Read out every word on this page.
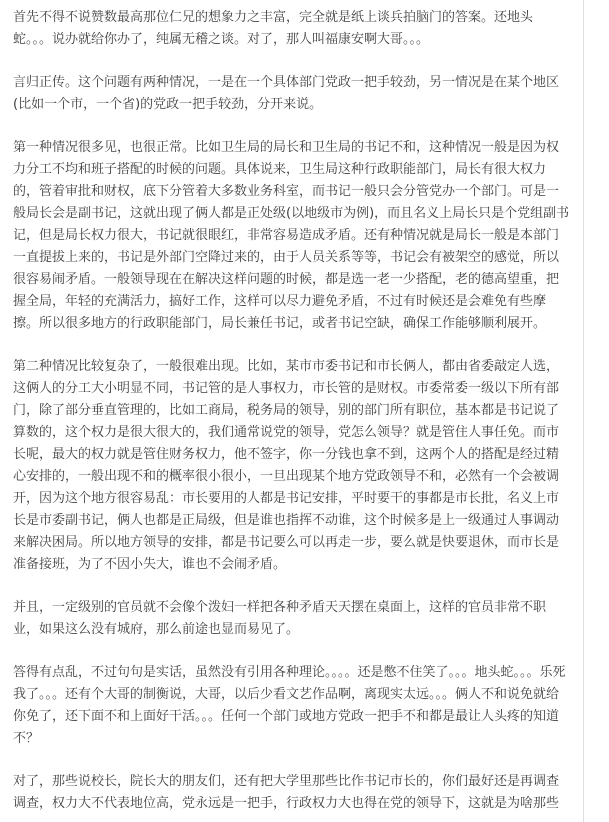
首先不得不说赞数最高那位仁兄的想象力之丰富，完全就是纸上谈兵拍脑门的答案。还地头蛇。。。说办就给你办了，纯属无稽之谈。对了，那人叫福康安啊大哥。。。

言归正传。这个问题有两种情况，一是在一个具体部门党政一把手较劲，另一情况是在某个地区(比如一个市，一个省)的党政一把手较劲，分开来说。

第一种情况很多见，也很正常。比如卫生局的局长和卫生局的书记不和，这种情况一般是因为权力分工不均和班子搭配的时候的问题。具体说来，卫生局这种行政职能部门，局长有很大权力的，管着审批和财权，底下分管着大多数业务科室，而书记一般只会分管党办一个部门。可是一般局长会是副书记，这就出现了俩人都是正处级(以地级市为例)，而且名义上局长只是个党组副书记，但是局长权力很大，书记就很眼红，非常容易造成矛盾。还有种情况就是局长一般是本部门一直提拔上来的，书记是外部门空降过来的，由于人员关系等等，书记会有被架空的感觉，所以很容易闹矛盾。一般领导现在在解决这样问题的时候，都是选一老一少搭配，老的德高望重，把握全局，年轻的充满活力，搞好工作，这样可以尽力避免矛盾，不过有时候还是会难免有些摩擦。所以很多地方的行政职能部门，局长兼任书记，或者书记空缺，确保工作能够顺利展开。

第二种情况比较复杂了，一般很难出现。比如，某市市委书记和市长俩人，都由省委敲定人选，这俩人的分工大小明显不同，书记管的是人事权力，市长管的是财权。市委常委一级以下所有部门，除了部分垂直管理的，比如工商局，税务局的领导，别的部门所有职位，基本都是书记说了算数的，这个权力是很大很大的，我们通常说党的领导，党怎么领导？就是管住人事任免。而市长呢，最大的权力就是管住财务权力，他不签字，你一分钱也拿不到，这两个人的搭配是经过精心安排的，一般出现不和的概率很小很小，一旦出现某个地方党政领导不和，必然有一个会被调开，因为这个地方很容易乱：市长要用的人都是书记安排，平时要干的事都是市长批，名义上市长是市委副书记，俩人也都是正局级，但是谁也指挥不动谁，这个时候多是上一级通过人事调动来解决困局。所以地方领导的安排，都是书记要么可以再走一步，要么就是快要退休，而市长是准备接班，为了不因小失大，谁也不会闹矛盾。

并且，一定级别的官员就不会像个泼妇一样把各种矛盾天天摆在桌面上，这样的官员非常不职业，如果这么没有城府，那么前途也显而易见了。

答得有点乱，不过句句是实话，虽然没有引用各种理论。。。。还是憋不住笑了。。。地头蛇。。。乐死我了。。。还有个大哥的制衡说，大哥，以后少看文艺作品啊，离现实太远。。。俩人不和说免就给你免了，还下面不和上面好干活。。。任何一个部门或地方党政一把手不和都是最让人头疼的知道不？

对了，那些说校长，院长大的朋友们，还有把大学里那些比作书记市长的，你们最好还是再调查调查，权力大不代表地位高，党永远是一把手，行政权力大也得在党的领导下，这就是为啥那些
